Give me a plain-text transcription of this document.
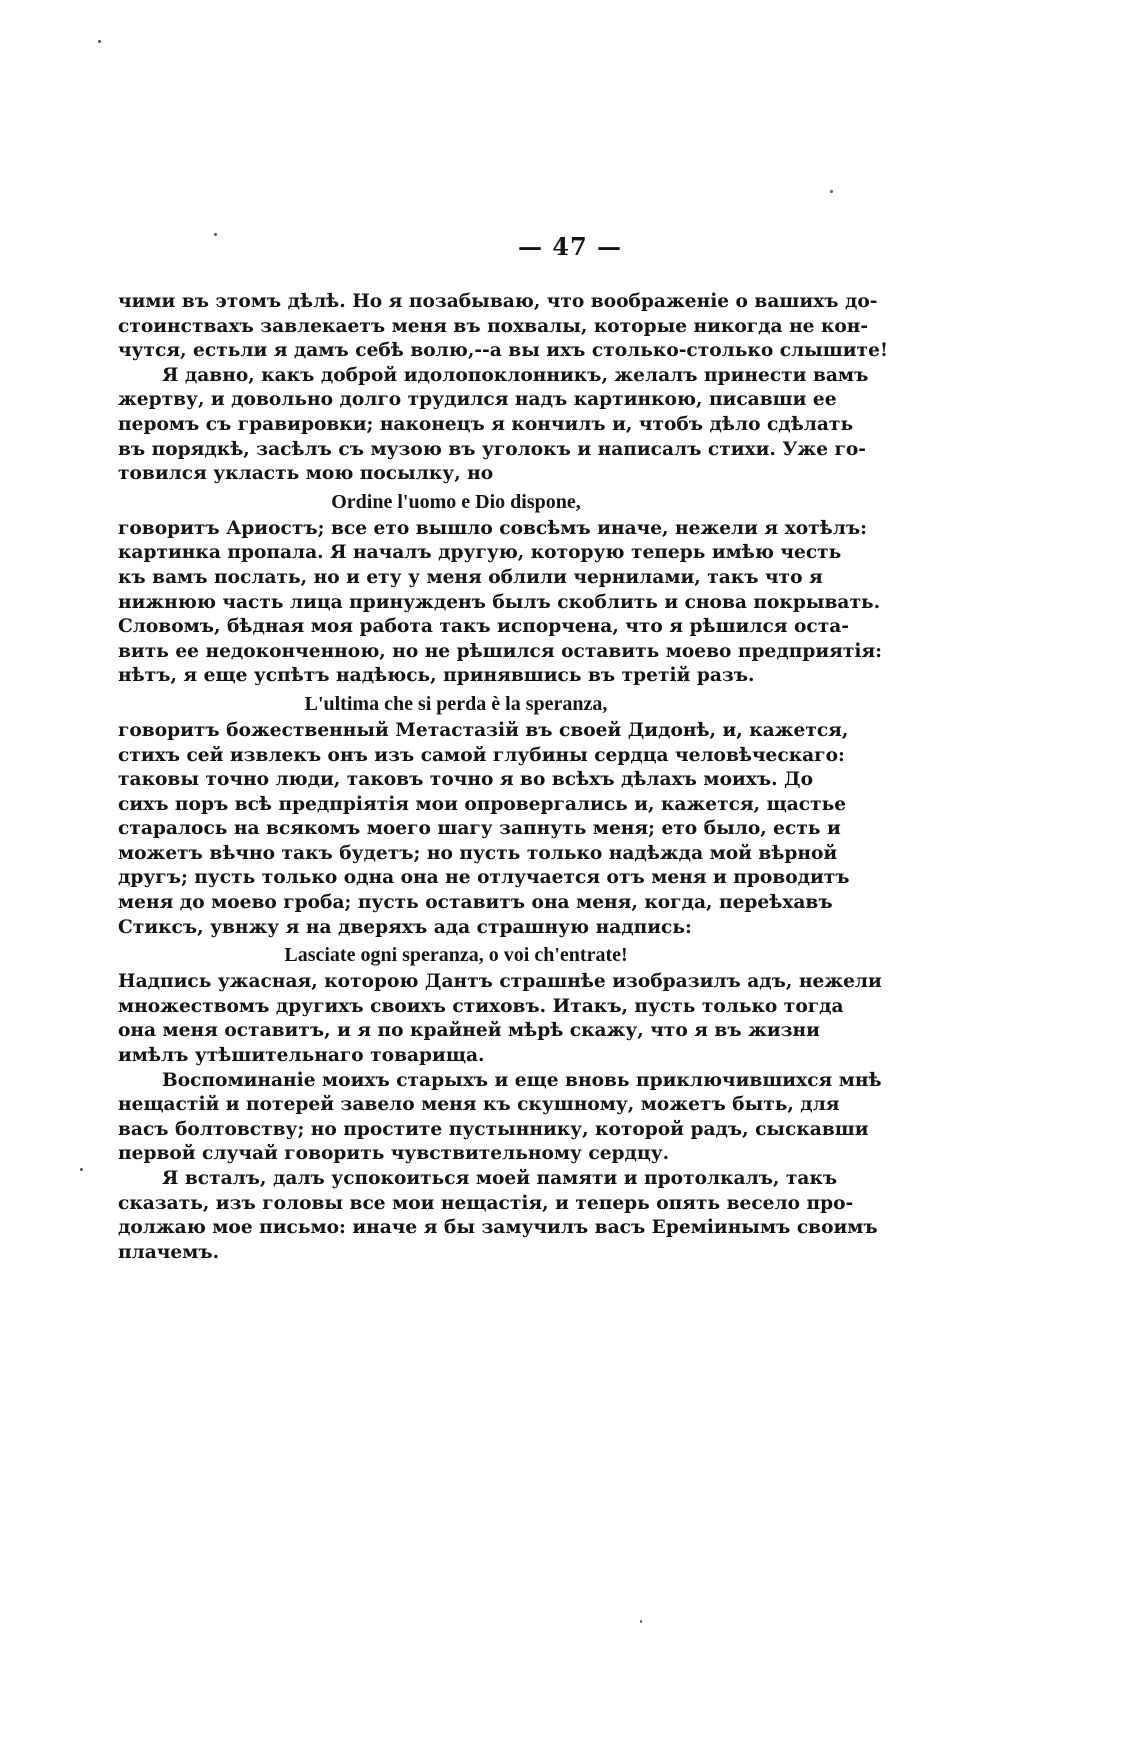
— 47 —
чими въ этомъ дѣлѣ. Но я позабываю, что воображенiе о вашихъ до-
стоинствахъ завлекаетъ меня въ похвалы, которые никогда не кон-
чутся, естьли я дамъ себѣ волю,--а вы ихъ столько-столько слышите!
Я давно, какъ доброй идолопоклонникъ, желалъ принести вамъ
жертву, и довольно долго трудился надъ картинкою, писавши ее
перомъ съ гравировки; наконецъ я кончилъ и, чтобъ дѣло сдѣлать
въ порядкѣ, засѣлъ съ музою въ уголокъ и написалъ стихи. Уже го-
товился укласть мою посылку, но
Ordine l'uomo e Dio dispone,
говоритъ Ариостъ; все ето вышло совсѣмъ иначе, нежели я хотѣлъ:
картинка пропала. Я началъ другую, которую теперь имѣю честь
къ вамъ послать, но и ету у меня облили чернилами, такъ что я
нижнюю часть лица принужденъ былъ скоблить и снова покрывать.
Словомъ, бѣдная моя работа такъ испорчена, что я рѣшился оста-
вить ее недоконченною, но не рѣшился оставить моево предприятiя:
нѣтъ, я еще успѣтъ надѣюсь, принявшись въ третiй разъ.
L'ultima che si perda è la speranza,
говоритъ божественный Метастазiй въ своей Дидонѣ, и, кажется,
стихъ сей извлекъ онъ изъ самой глубины сердца человѣческаго:
таковы точно люди, таковъ точно я во всѣхъ дѣлахъ моихъ. До
сихъ поръ всѣ предпрiятiя мои опровергались и, кажется, щастье
старалось на всякомъ моего шагу запнуть меня; ето было, есть и
можетъ вѣчно такъ будетъ; но пусть только надѣжда мой вѣрной
другъ; пусть только одна она не отлучается отъ меня и проводитъ
меня до моево гроба; пусть оставитъ она меня, когда, переѣхавъ
Стиксъ, увнжу я на дверяхъ ада страшную надпись:
Lasciate ogni speranza, o voi ch'entrate!
Надпись ужасная, которою Дантъ страшнѣе изобразилъ адъ, нежели
множествомъ другихъ своихъ стиховъ. Итакъ, пусть только тогда
она меня оставитъ, и я по крайней мѣрѣ скажу, что я въ жизни
имѣлъ утѣшительнаго товарища.
Воспоминанiе моихъ старыхъ и еще вновь приключившихся мнѣ
нещастiй и потерей завело меня къ скушному, можетъ быть, для
васъ болтовству; но простите пустыннику, которой радъ, сыскавши
первой случай говорить чувствительному сердцу.
Я всталъ, далъ успокоиться моей памяти и протолкалъ, такъ
сказать, изъ головы все мои нещастiя, и теперь опять весело про-
должаю мое письмо: иначе я бы замучилъ васъ Еремiинымъ своимъ
плачемъ.
